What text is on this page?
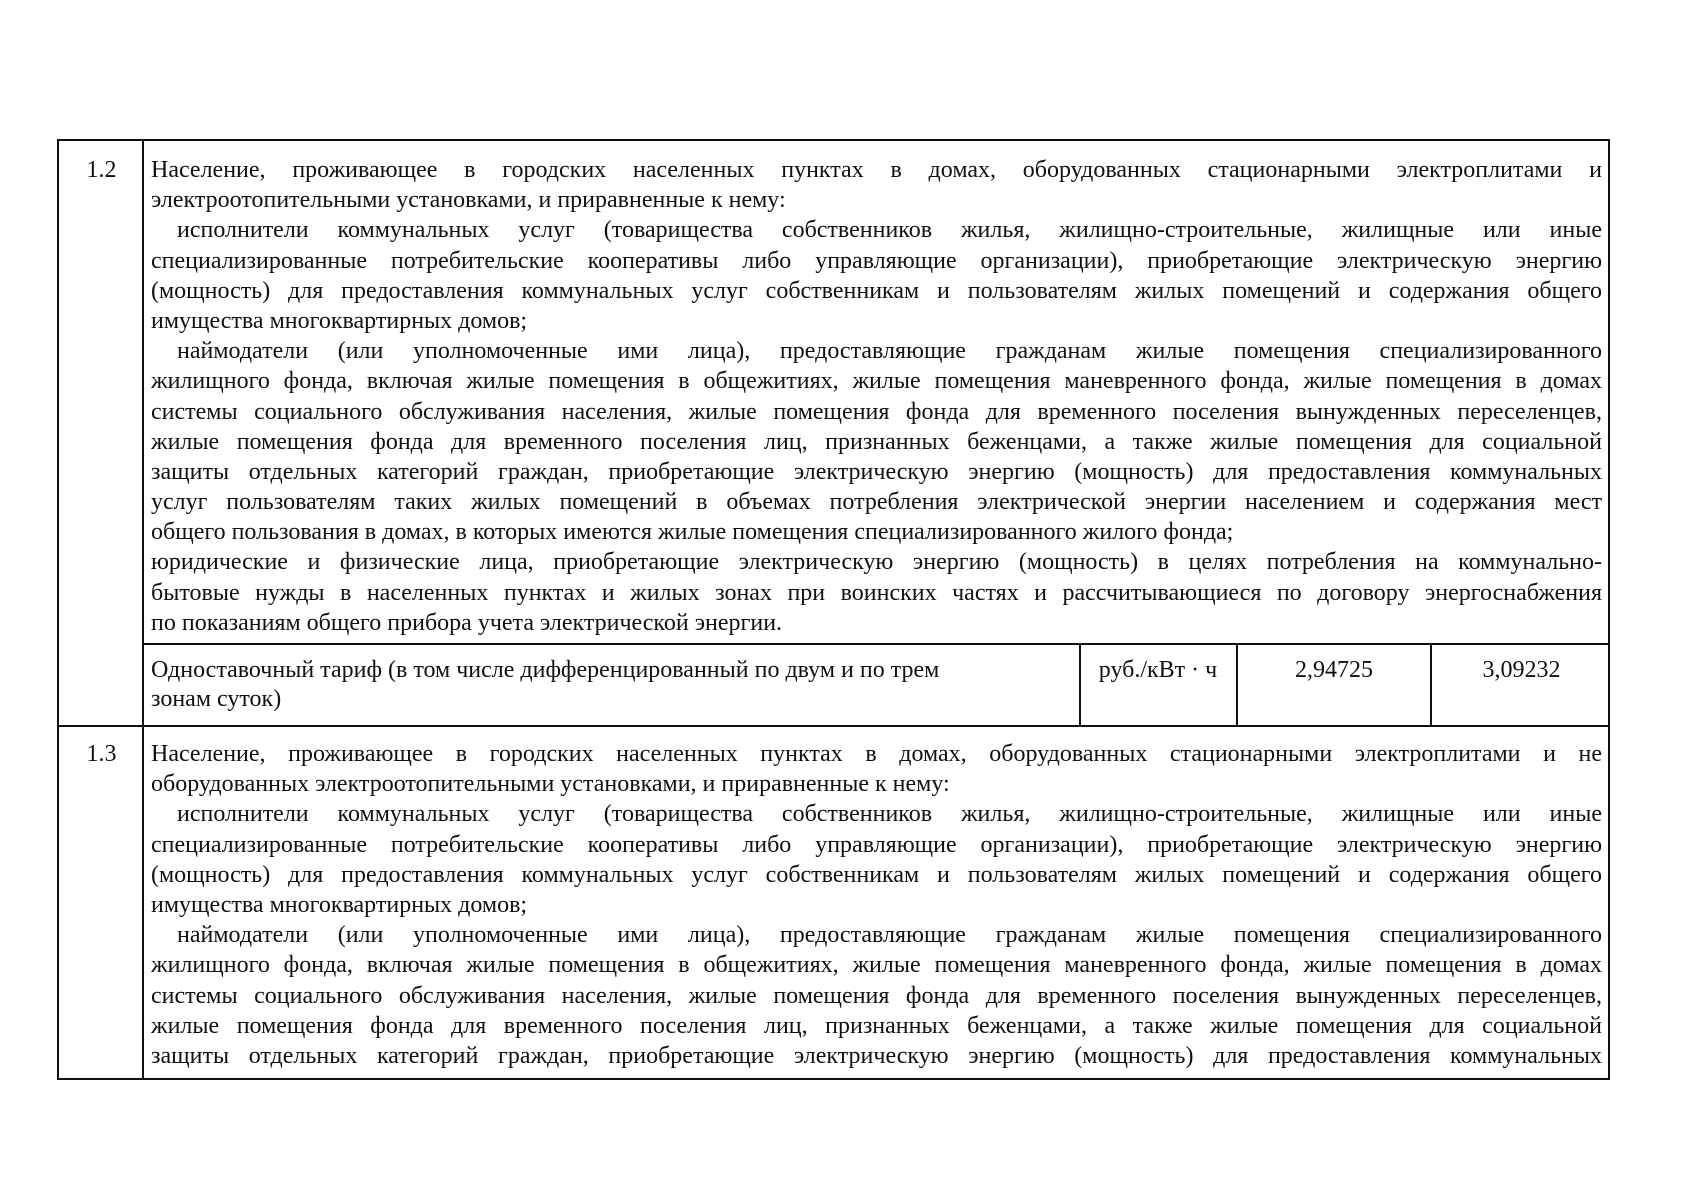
1.2	Население, проживающее в городских населенных пунктах в домах, оборудованных стационарными электроплитами и
электроотопительными установками, и приравненные к нему:
исполнители коммунальных услуг (товарищества собственников жилья, жилищно-строительные, жилищные или иные
специализированные потребительские кооперативы либо управляющие организации), приобретающие электрическую энергию
(мощность) для предоставления коммунальных услуг собственникам и пользователям жилых помещений и содержания общего
имущества многоквартирных домов;
наймодатели (или уполномоченные ими лица), предоставляющие гражданам жилые помещения специализированного
жилищного фонда, включая жилые помещения в общежитиях, жилые помещения маневренного фонда, жилые помещения в домах
системы социального обслуживания населения, жилые помещения фонда для временного поселения вынужденных переселенцев,
жилые помещения фонда для временного поселения лиц, признанных беженцами, а также жилые помещения для социальной
защиты отдельных категорий граждан, приобретающие электрическую энергию (мощность) для предоставления коммунальных
услуг пользователям таких жилых помещений в объемах потребления электрической энергии населением и содержания мест
общего пользования в домах, в которых имеются жилые помещения специализированного жилого фонда;
юридические и физические лица, приобретающие электрическую энергию (мощность) в целях потребления на коммунально-
бытовые нужды в населенных пунктах и жилых зонах при воинских частях и рассчитывающиеся по договору энергоснабжения
по показаниям общего прибора учета электрической энергии.
Одноставочный тариф (в том числе дифференцированный по двум и по трем
зонам суток)
руб./кВт · ч	2,94725	3,09232
1.3	Население, проживающее в городских населенных пунктах в домах, оборудованных стационарными электроплитами и не
оборудованных электроотопительными установками, и приравненные к нему:
исполнители коммунальных услуг (товарищества собственников жилья, жилищно-строительные, жилищные или иные
специализированные потребительские кооперативы либо управляющие организации), приобретающие электрическую энергию
(мощность) для предоставления коммунальных услуг собственникам и пользователям жилых помещений и содержания общего
имущества многоквартирных домов;
наймодатели (или уполномоченные ими лица), предоставляющие гражданам жилые помещения специализированного
жилищного фонда, включая жилые помещения в общежитиях, жилые помещения маневренного фонда, жилые помещения в домах
системы социального обслуживания населения, жилые помещения фонда для временного поселения вынужденных переселенцев,
жилые помещения фонда для временного поселения лиц, признанных беженцами, а также жилые помещения для социальной
защиты отдельных категорий граждан, приобретающие электрическую энергию (мощность) для предоставления коммунальных
